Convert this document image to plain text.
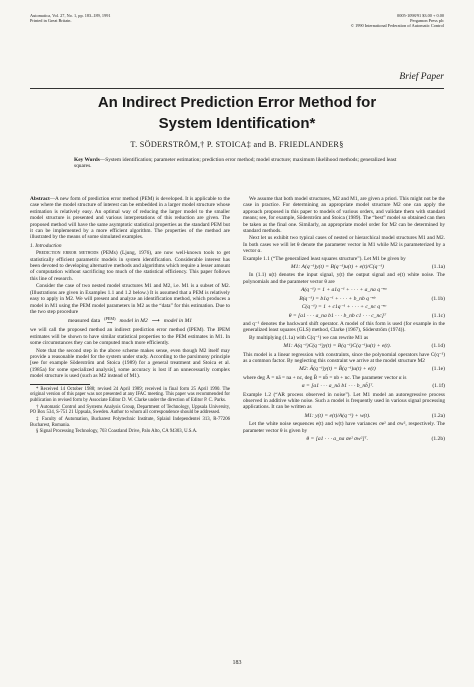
Automatica, Vol. 27, No. 1, pp. 183–189, 1991
Printed in Great Britain.
0005-1098/91 $3.00 + 0.00
Pergamon Press plc
© 1990 International Federation of Automatic Control
Brief Paper
An Indirect Prediction Error Method for
System Identification*
T. SÖDERSTRÖM,† P. STOICA‡ and B. FRIEDLANDER§
Key Words—System identification; parameter estimation; prediction error method; model structure; maximum likelihood methods; generalized least squares.

Abstract—A new form of prediction error method (PEM) is developed. It is applicable to the case where the model structure of interest can be embedded in a larger model structure whose estimation is relatively easy. An optimal way of reducing the larger model to the smaller model structure is presented and various interpretations of this reduction are given. The proposed method will have the same asymptotic statistical properties as the standard PEM but it can be implemented by a more efficient algorithm. The properties of the method are illustrated by the means of some simulated examples.

1. Introduction

Prediction error methods (PEMs) (Ljung, 1976), are now well-known tools to get statistically efficient parametric models in system identification. Considerable interest has been devoted to developing alternative methods and algorithms which require a lesser amount of computation without sacrificing too much of the statistical efficiency. This paper follows this line of research.

Consider the case of two nested model structures M1 and M2, i.e. M1 is a subset of M2. (Illustrations are given in Examples 1.1 and 1.2 below.) It is assumed that a PEM is relatively easy to apply in M2. We will present and analyze an identification method, which produces a model in M1 using the PEM model parameters in M2 as the “data” for this estimation. Due to the two step procedure

measured data (PEM)
⟶ model in M2 ⟶ model in M1

we will call the proposed method an indirect prediction error method (IPEM). The IPEM estimates will be shown to have similar statistical properties to the PEM estimates in M1. In some circumstances they can be computed much more efficiently.

Note that the second step in the above scheme makes sense, even though M2 itself may provide a reasonable model for the system under study. According to the parsimony principle [see for example Söderström and Stoica (1989) for a general treatment and Stoica et al. (1985a) for some specialized analysis], some accuracy is lost if an unnecessarily complex model structure is used (such as M2 instead of M1).

* Received 14 October 1988; revised 24 April 1989; received in final form 25 April 1990. The original version of this paper was not presented at any IFAC meeting. This paper was recommended for publication in revised form by Associate Editor D. W. Clarke under the direction of Editor P. C. Parks.

† Automatic Control and Systems Analysis Group, Department of Technology, Uppsala University, PO Box 534, S-751 21 Uppsala, Sweden. Author to whom all correspondence should be addressed.

‡ Faculty of Automation, Bucharest Polytechnic Institute, Splaiul Independentei 313, R-77206 Bucharest, Romania.

§ Signal Processing Technology, 703 Coastland Drive, Palo Alto, CA 94303, U.S.A.

We assume that both model structures, M2 and M1, are given a priori. This might not be the case in practice. For determining an appropriate model structure M2 one can apply the approach proposed in this paper to models of various orders, and validate them with standard means; see, for example, Söderström and Stoica (1989). The “best” model so obtained can then be taken as the final one. Similarly, an appropriate model order for M2 can be determined by standard methods.

Next let us exhibit two typical cases of nested or hierarchical model structures M1 and M2. In both cases we will let θ denote the parameter vector in M1 while M2 is parameterized by a vector α.

Example 1.1 (“The generalized least squares structure”). Let M1 be given by

M1: A(q⁻¹)y(t) = B(q⁻¹)u(t) + e(t)/C(q⁻¹)	(1.1a)

In (1.1) u(t) denotes the input signal, y(t) the output signal and e(t) white noise. The polynomials and the parameter vector θ are

A(q⁻¹) = 1 + a1q⁻¹ + · · · + a_na q⁻ⁿᵃ
B(q⁻¹) = b1q⁻¹ + · · · + b_nb q⁻ⁿᵇ	(1.1b)
C(q⁻¹) = 1 + c1q⁻¹ + · · · + c_nc q⁻ⁿᶜ
θ = [a1 · · · a_na b1 · · · b_nb c1 · · · c_nc]ᵀ	(1.1c)

and q⁻¹ denotes the backward shift operator. A model of this form is used (for example in the generalized least squares (GLS) method, Clarke (1967), Söderström (1974)).

By multiplying (1.1a) with C(q⁻¹) we can rewrite M1 as

M1: A(q⁻¹)C(q⁻¹)y(t) = B(q⁻¹)C(q⁻¹)u(t) + e(t).	(1.1d)

This model is a linear regression with constraints, since the polynomial operators have C(q⁻¹) as a common factor. By neglecting this constraint we arrive at the model structure M2

M2: Ā(q⁻¹)y(t) = B̄(q⁻¹)u(t) + e(t)	(1.1e)

where deg Ā = nā = na + nc, deg B̄ = nb̄ = nb + nc. The parameter vector α is

α = [a1 · · · a_nā b1 · · · b_nb̄]ᵀ.	(1.1f)

Example 1.2 (“AR process observed in noise”). Let M1 model an autoregressive process observed in additive white noise. Such a model is frequently used in various signal processing applications. It can be written as

M1: y(t) = e(t)/A(q⁻¹) + w(t).	(1.2a)

Let the white noise sequences e(t) and w(t) have variances σe² and σw², respectively. The parameter vector θ is given by

θ = [a1 · · · a_na σe² σw²]ᵀ.	(1.2b)
183
